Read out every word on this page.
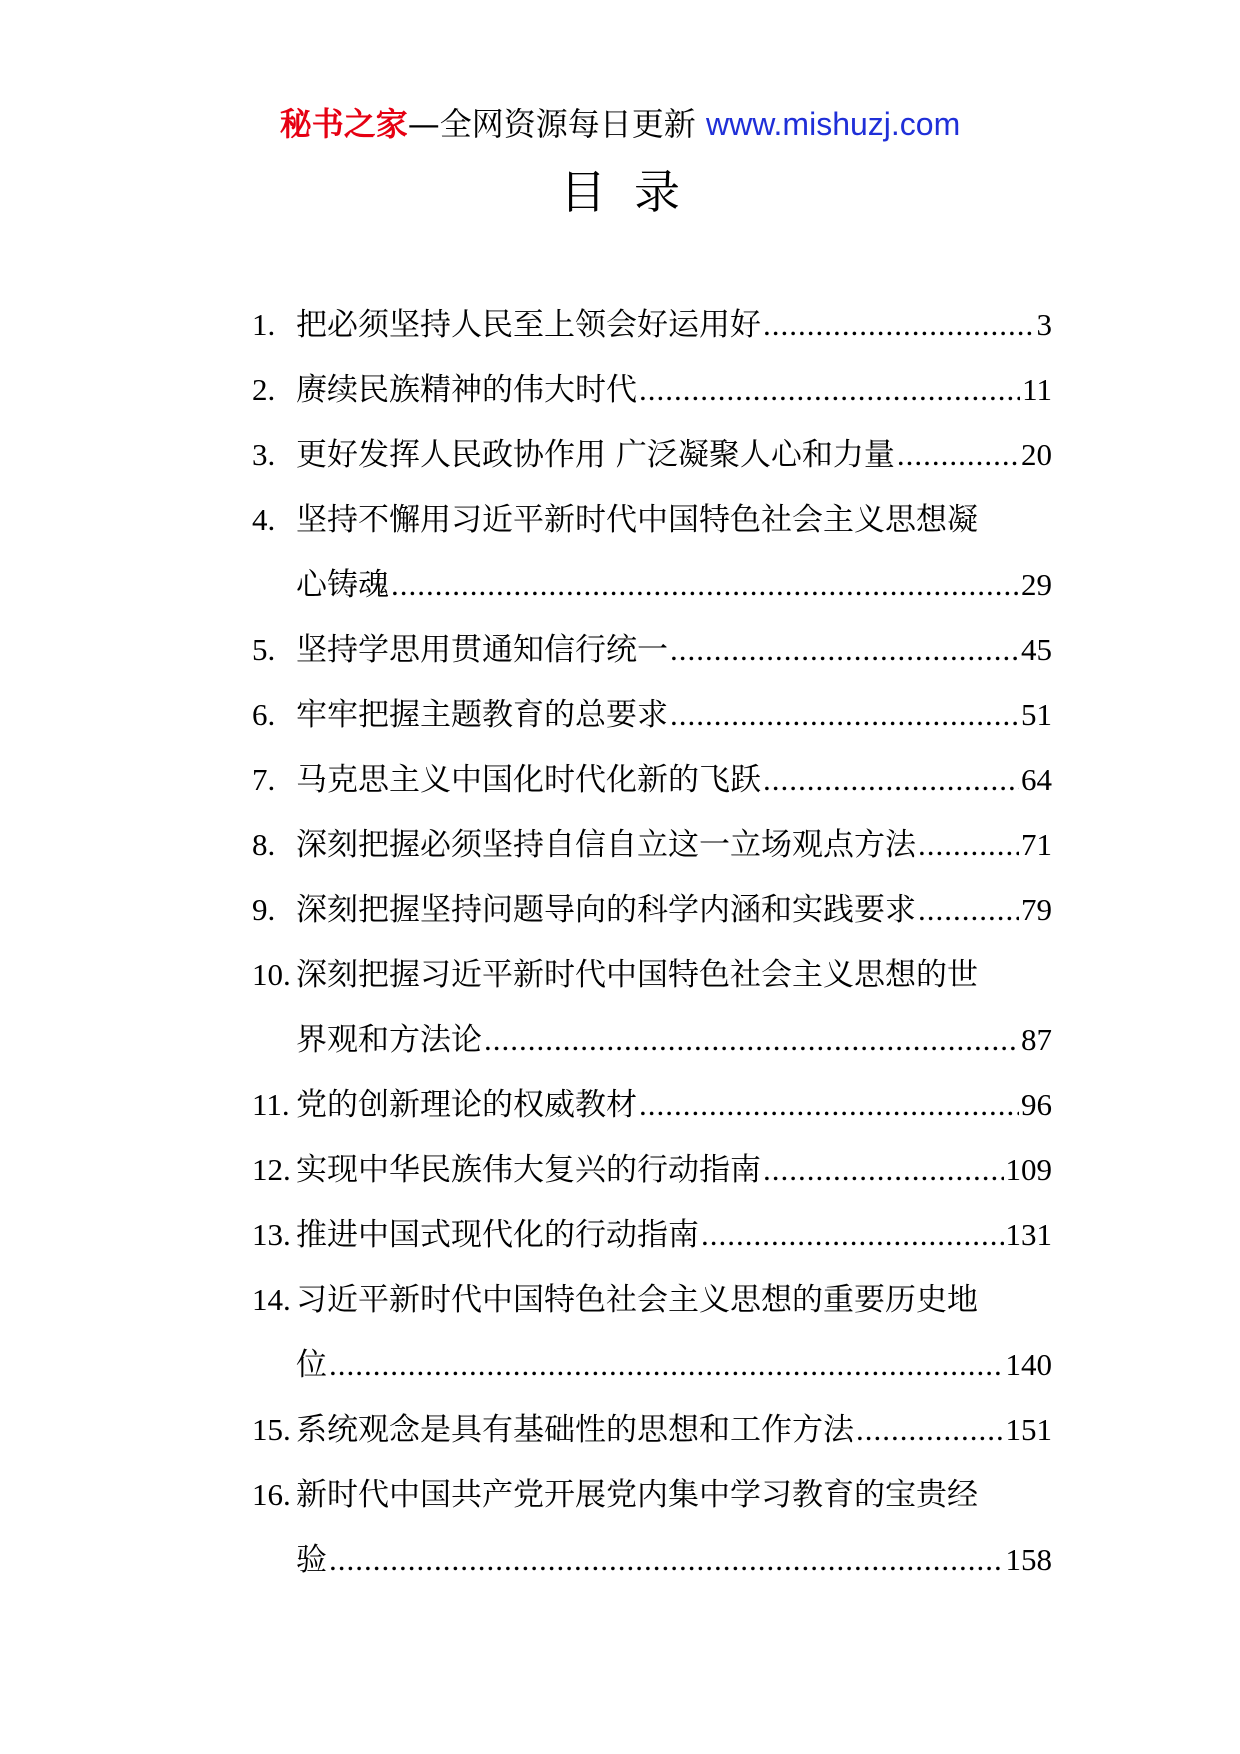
秘书之家—全网资源每日更新 www.mishuzj.com
目录
1. 把必须坚持人民至上领会好运用好 .....	3
2. 赓续民族精神的伟大时代 .....	11
3. 更好发挥人民政协作用 广泛凝聚人心和力量 .....	20
4. 坚持不懈用习近平新时代中国特色社会主义思想凝
心铸魂 .....	29
5. 坚持学思用贯通知信行统一 .....	45
6. 牢牢把握主题教育的总要求 .....	51
7. 马克思主义中国化时代化新的飞跃 .....	64
8. 深刻把握必须坚持自信自立这一立场观点方法 .....	71
9. 深刻把握坚持问题导向的科学内涵和实践要求 .....	79
10. 深刻把握习近平新时代中国特色社会主义思想的世
界观和方法论 .....	87
11. 党的创新理论的权威教材 .....	96
12. 实现中华民族伟大复兴的行动指南 .....	109
13. 推进中国式现代化的行动指南 .....	131
14. 习近平新时代中国特色社会主义思想的重要历史地
位 .....	140
15. 系统观念是具有基础性的思想和工作方法 .....	151
16. 新时代中国共产党开展党内集中学习教育的宝贵经
验 .....	158
